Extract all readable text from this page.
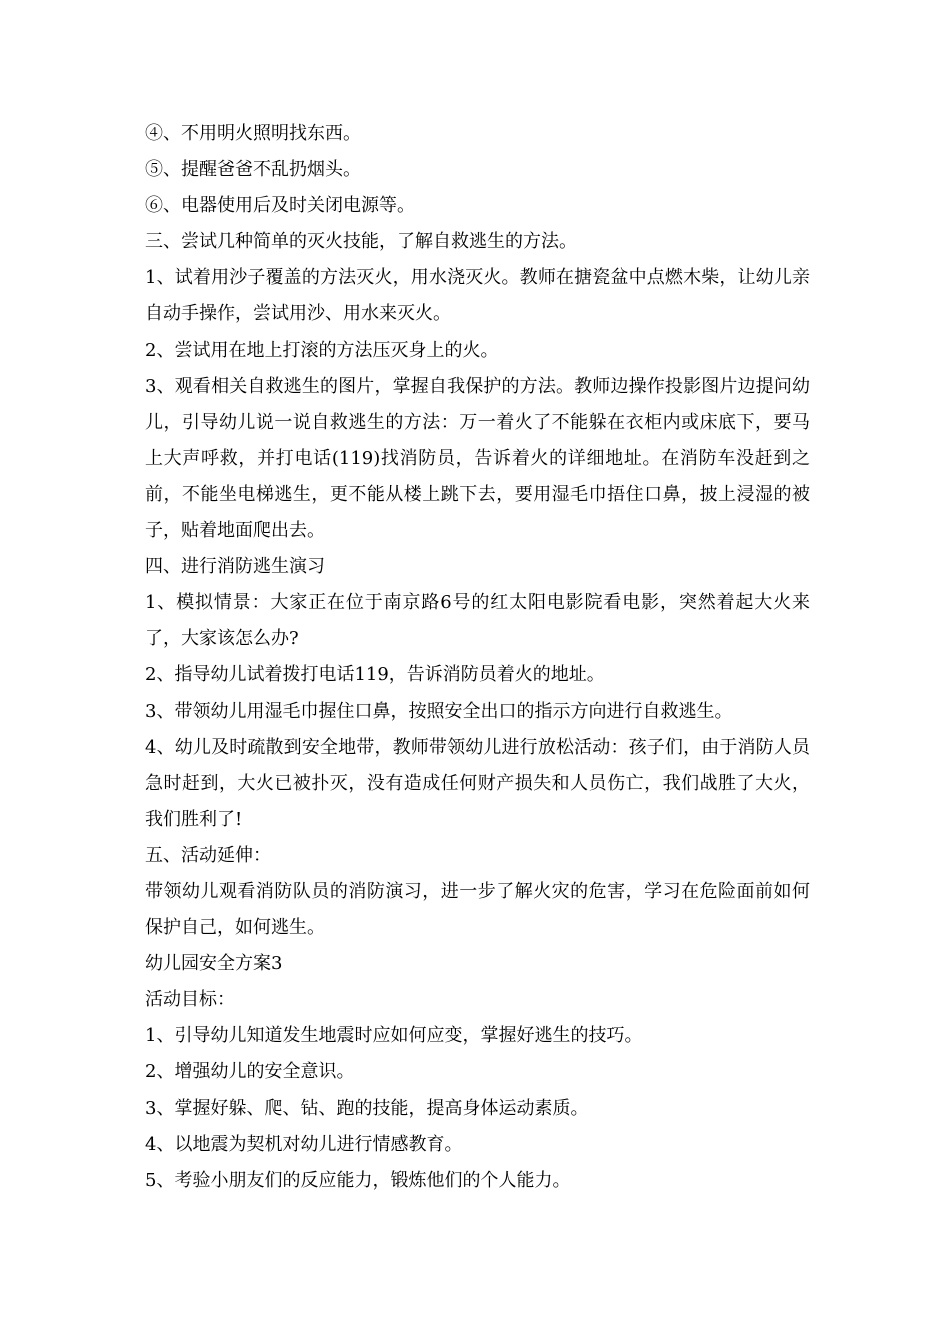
④、不用明火照明找东西。

⑤、提醒爸爸不乱扔烟头。

⑥、电器使用后及时关闭电源等。

三、尝试几种简单的灭火技能，了解自救逃生的方法。

1、试着用沙子覆盖的方法灭火，用水浇灭火。教师在搪瓷盆中点燃木柴，让幼儿亲自动手操作，尝试用沙、用水来灭火。

2、尝试用在地上打滚的方法压灭身上的火。

3、观看相关自救逃生的图片，掌握自我保护的方法。教师边操作投影图片边提问幼儿，引导幼儿说一说自救逃生的方法：万一着火了不能躲在衣柜内或床底下，要马上大声呼救，并打电话(119)找消防员，告诉着火的详细地址。在消防车没赶到之前，不能坐电梯逃生，更不能从楼上跳下去，要用湿毛巾捂住口鼻，披上浸湿的被子，贴着地面爬出去。

四、进行消防逃生演习

1、模拟情景：大家正在位于南京路6号的红太阳电影院看电影，突然着起大火来了，大家该怎么办?

2、指导幼儿试着拨打电话119，告诉消防员着火的地址。

3、带领幼儿用湿毛巾握住口鼻，按照安全出口的指示方向进行自救逃生。

4、幼儿及时疏散到安全地带，教师带领幼儿进行放松活动：孩子们，由于消防人员急时赶到，大火已被扑灭，没有造成任何财产损失和人员伤亡，我们战胜了大火，我们胜利了!

五、活动延伸：

带领幼儿观看消防队员的消防演习，进一步了解火灾的危害，学习在危险面前如何保护自己，如何逃生。

幼儿园安全方案3

活动目标：

1、引导幼儿知道发生地震时应如何应变，掌握好逃生的技巧。

2、增强幼儿的安全意识。

3、掌握好躲、爬、钻、跑的技能，提高身体运动素质。

4、以地震为契机对幼儿进行情感教育。

5、考验小朋友们的反应能力，锻炼他们的个人能力。
